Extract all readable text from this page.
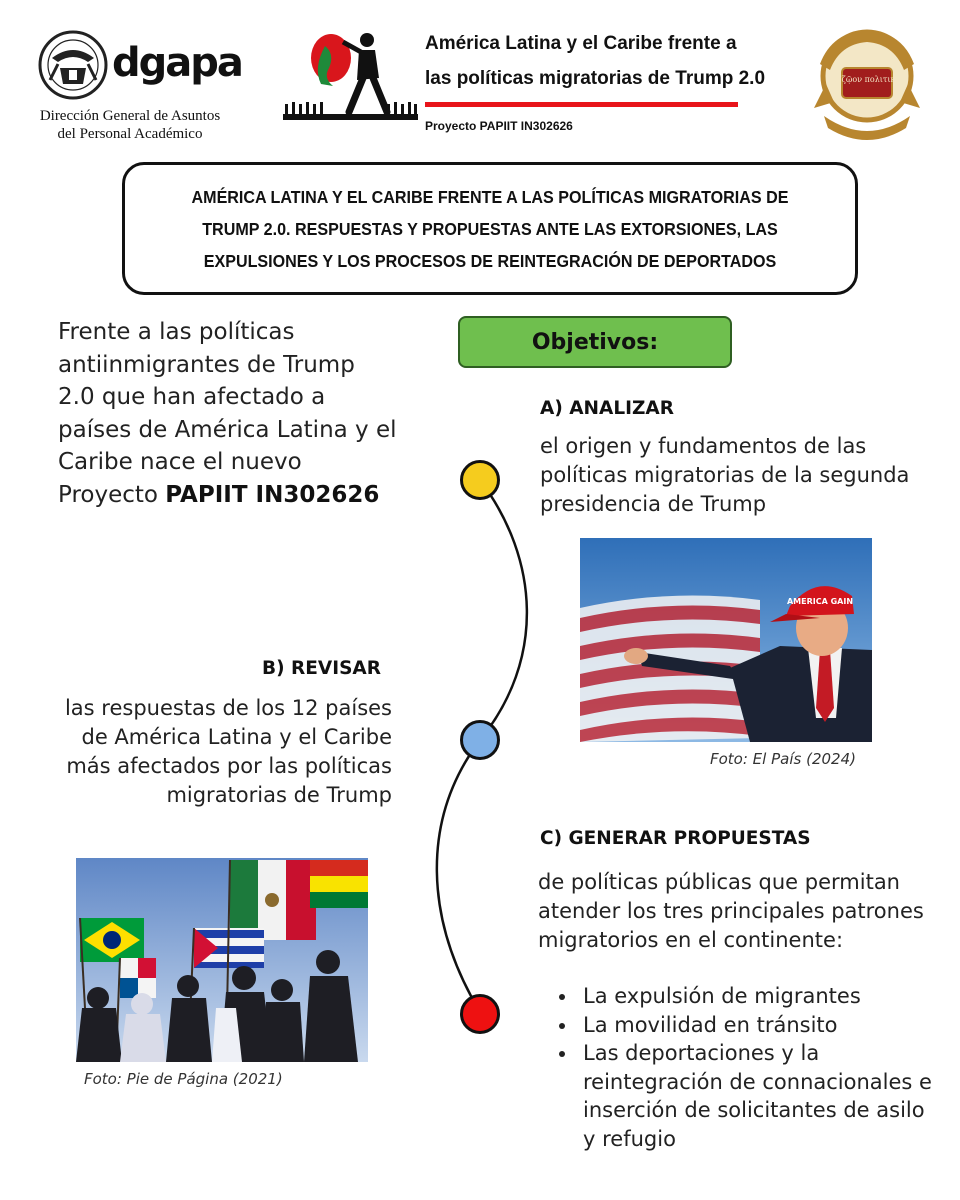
dgapa
Dirección General de Asuntos
del Personal Académico
América Latina y el Caribe frente a
las políticas migratorias de Trump 2.0
Proyecto PAPIIT IN302626
Tὸ ζῷον πολιτικόν

AMÉRICA LATINA Y EL CARIBE FRENTE A LAS POLÍTICAS MIGRATORIAS DE TRUMP 2.0. RESPUESTAS Y PROPUESTAS ANTE LAS EXTORSIONES, LAS EXPULSIONES Y LOS PROCESOS DE REINTEGRACIÓN DE DEPORTADOS

Frente a las políticas antiinmigrantes de Trump 2.0 que han afectado a países de América Latina y el Caribe nace el nuevo Proyecto PAPIIT IN302626

Objetivos:
A) ANALIZAR

el origen y fundamentos de las políticas migratorias de la segunda presidencia de Trump

B) REVISAR

las respuestas de los 12 países de América Latina y el Caribe más afectados por las políticas migratorias de Trump

C) GENERAR PROPUESTAS

de políticas públicas que permitan atender los tres principales patrones migratorios en el continente:

La expulsión de migrantes
La movilidad en tránsito
Las deportaciones y la reintegración de connacionales e inserción de solicitantes de asilo y refugio
AMERICA GAIN
Foto: El País (2024)
Foto: Pie de Página (2021)
